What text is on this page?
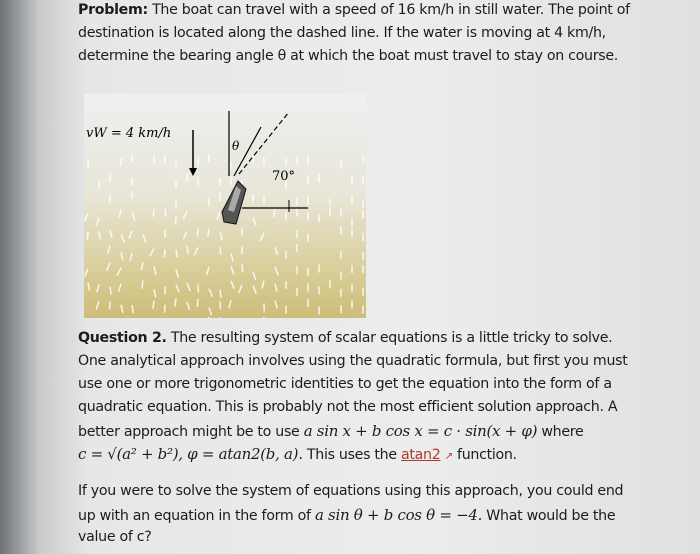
Problem: The boat can travel with a speed of 16 km/h in still water. The point of
destination is located along the dashed line. If the water is moving at 4 km/h,
determine the bearing angle θ at which the boat must travel to stay on course.
vW = 4 km/h
θ
70°
Question 2. The resulting system of scalar equations is a little tricky to solve.
One analytical approach involves using the quadratic formula, but first you must
use one or more trigonometric identities to get the equation into the form of a
quadratic equation. This is probably not the most efficient solution approach. A
better approach might be to use a sin x + b cos x = c · sin(x + φ) where
c = √(a² + b²), φ = atan2(b, a). This uses the atan2 ↗ function.
If you were to solve the system of equations using this approach, you could end
up with an equation in the form of a sin θ + b cos θ = −4. What would be the
value of c?
